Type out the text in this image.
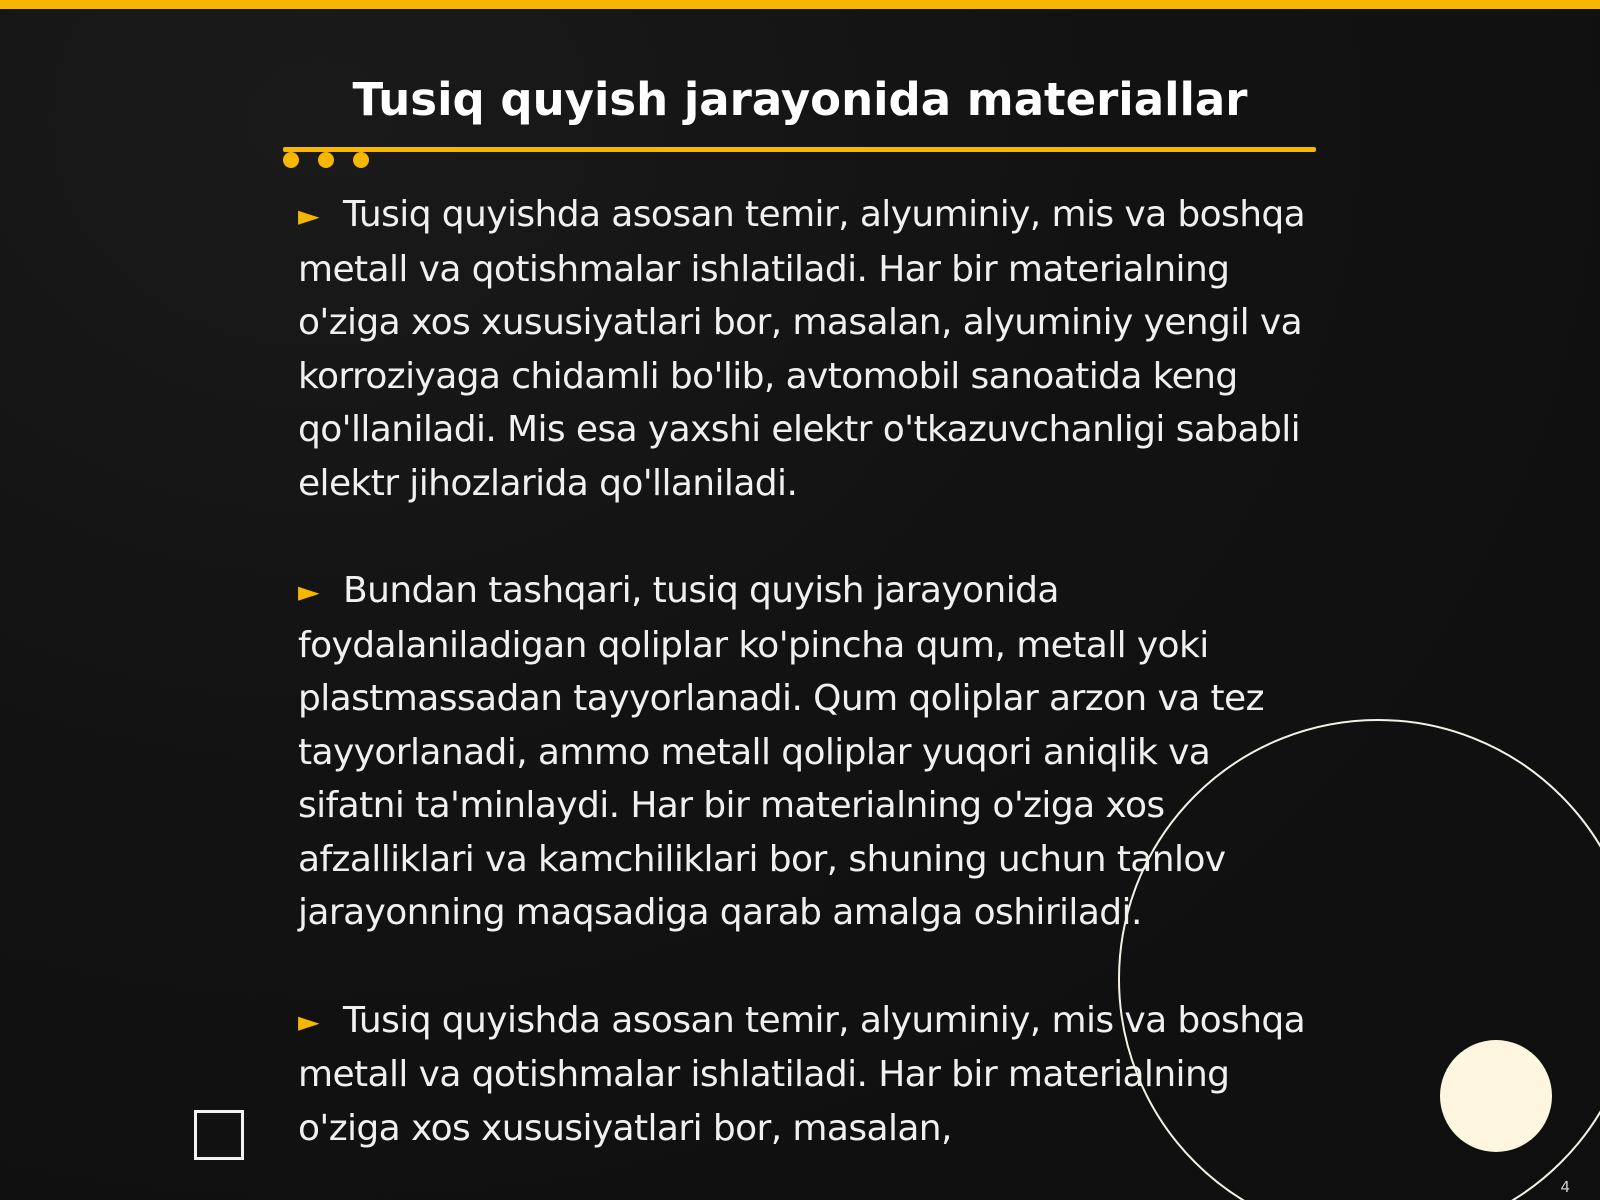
Tusiq quyish jarayonida materiallar

► Tusiq quyishda asosan temir, alyuminiy, mis va boshqa metall va qotishmalar ishlatiladi. Har bir materialning o'ziga xos xususiyatlari bor, masalan, alyuminiy yengil va korroziyaga chidamli bo'lib, avtomobil sanoatida keng qo'llaniladi. Mis esa yaxshi elektr o'tkazuvchanligi sababli elektr jihozlarida qo'llaniladi.

► Bundan tashqari, tusiq quyish jarayonida foydalaniladigan qoliplar ko'pincha qum, metall yoki plastmassadan tayyorlanadi. Qum qoliplar arzon va tez tayyorlanadi, ammo metall qoliplar yuqori aniqlik va sifatni ta'minlaydi. Har bir materialning o'ziga xos afzalliklari va kamchiliklari bor, shuning uchun tanlov jarayonning maqsadiga qarab amalga oshiriladi.

► Tusiq quyishda asosan temir, alyuminiy, mis va boshqa metall va qotishmalar ishlatiladi. Har bir materialning o'ziga xos xususiyatlari bor, masalan,

4
